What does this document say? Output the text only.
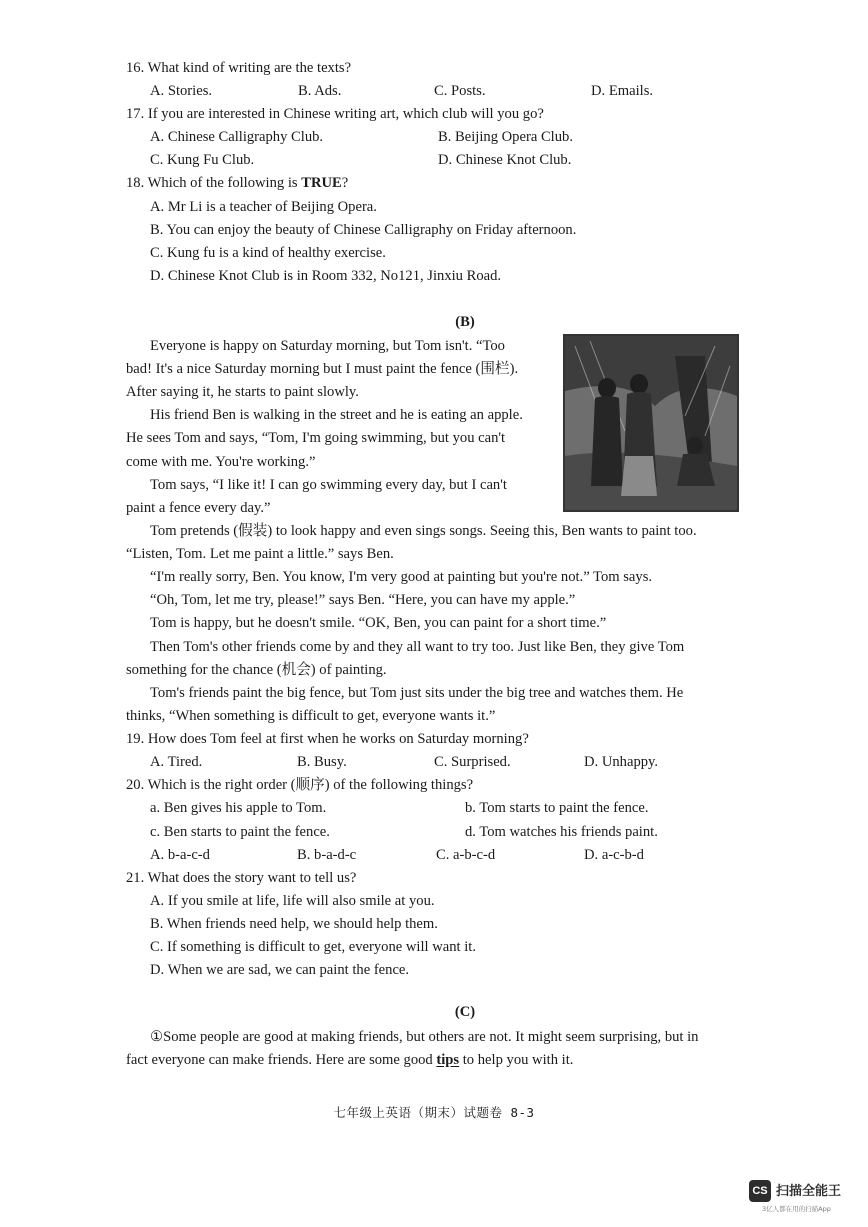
16. What kind of writing are the texts?
A. Stories.	B. Ads.	C. Posts.	D. Emails.
17. If you are interested in Chinese writing art, which club will you go?
A. Chinese Calligraphy Club.	B. Beijing Opera Club.
C. Kung Fu Club.	D. Chinese Knot Club.
18. Which of the following is TRUE?
A. Mr Li is a teacher of Beijing Opera.
B. You can enjoy the beauty of Chinese Calligraphy on Friday afternoon.
C. Kung fu is a kind of healthy exercise.
D. Chinese Knot Club is in Room 332, No121, Jinxiu Road.
(B)
Everyone is happy on Saturday morning, but Tom isn't. “Too
bad! It's a nice Saturday morning but I must paint the fence (围栏).
After saying it, he starts to paint slowly.
His friend Ben is walking in the street and he is eating an apple.
He sees Tom and says, “Tom, I'm going swimming, but you can't
come with me. You're working.”
Tom says, “I like it! I can go swimming every day, but I can't
paint a fence every day.”
Tom pretends (假装) to look happy and even sings songs. Seeing this, Ben wants to paint too.
“Listen, Tom. Let me paint a little.” says Ben.
“I'm really sorry, Ben. You know, I'm very good at painting but you're not.” Tom says.
“Oh, Tom, let me try, please!” says Ben. “Here, you can have my apple.”
Tom is happy, but he doesn't smile. “OK, Ben, you can paint for a short time.”
Then Tom's other friends come by and they all want to try too. Just like Ben, they give Tom
something for the chance (机会) of painting.
Tom's friends paint the big fence, but Tom just sits under the big tree and watches them. He
thinks, “When something is difficult to get, everyone wants it.”
19. How does Tom feel at first when he works on Saturday morning?
A. Tired.	B. Busy.	C. Surprised.	D. Unhappy.
20. Which is the right order (顺序) of the following things?
a. Ben gives his apple to Tom.	b. Tom starts to paint the fence.
c. Ben starts to paint the fence.	d. Tom watches his friends paint.
A. b-a-c-d	B. b-a-d-c	C. a-b-c-d	D. a-c-b-d
21. What does the story want to tell us?
A. If you smile at life, life will also smile at you.
B. When friends need help, we should help them.
C. If something is difficult to get, everyone will want it.
D. When we are sad, we can paint the fence.
(C)
①Some people are good at making friends, but others are not. It might seem surprising, but in
fact everyone can make friends. Here are some good tips to help you with it.
七年级上英语（期末）试题卷 8-3
CS 扫描全能王
3亿人都在用的扫描App
